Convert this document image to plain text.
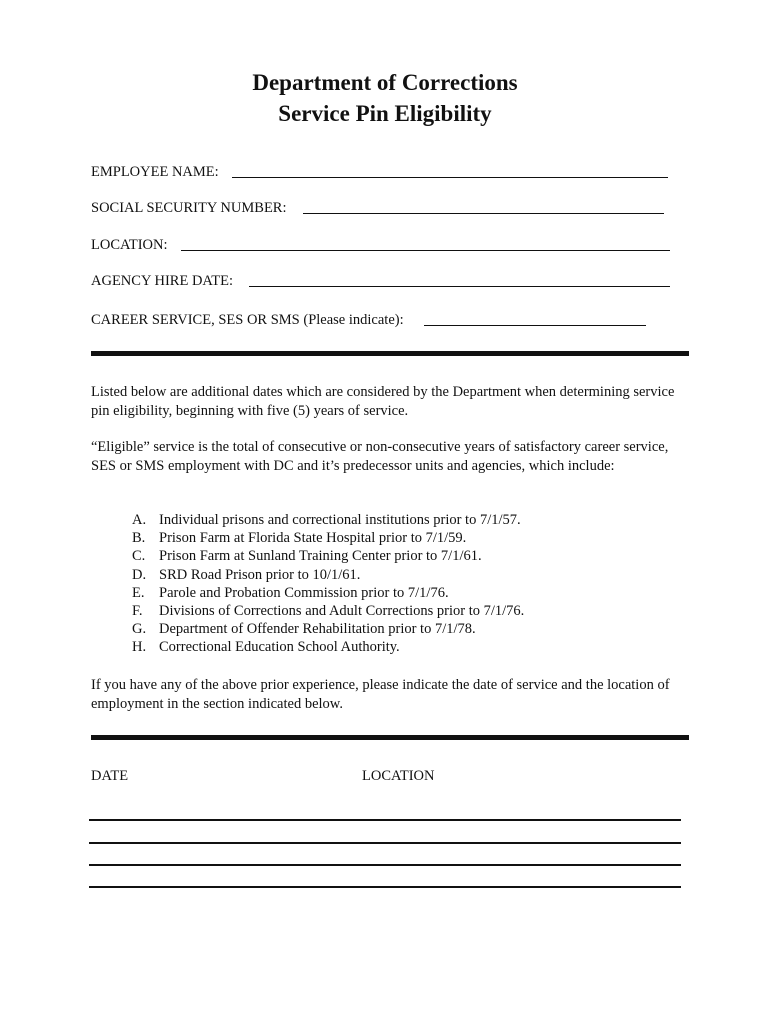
Department of Corrections
Service Pin Eligibility
EMPLOYEE NAME:
SOCIAL SECURITY NUMBER:
LOCATION:
AGENCY HIRE DATE:
CAREER SERVICE, SES OR SMS (Please indicate):
Listed below are additional dates which are considered by the Department when determining service pin eligibility, beginning with five (5) years of service.
“Eligible” service is the total of consecutive or non-consecutive years of satisfactory career service, SES or SMS employment with DC and it’s predecessor units and agencies, which include:
A. Individual prisons and correctional institutions prior to 7/1/57.
B. Prison Farm at Florida State Hospital prior to 7/1/59.
C. Prison Farm at Sunland Training Center prior to 7/1/61.
D. SRD Road Prison prior to 10/1/61.
E.	Parole and Probation Commission prior to 7/1/76.
F.	Divisions of Corrections and Adult Corrections prior to 7/1/76.
G. Department of Offender Rehabilitation prior to 7/1/78.
H. Correctional Education School Authority.
If you have any of the above prior experience, please indicate the date of service and the location of employment in the section indicated below.
DATE	LOCATION
